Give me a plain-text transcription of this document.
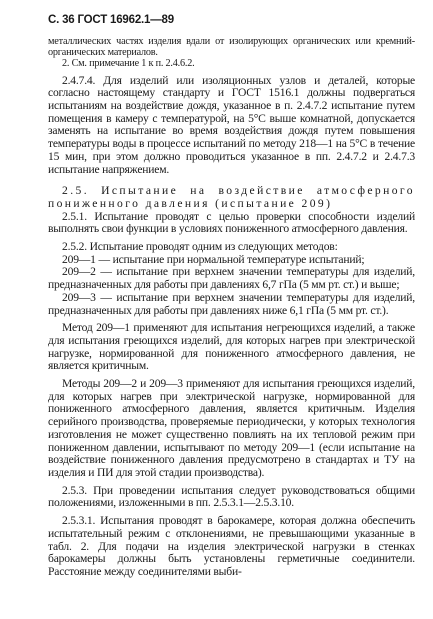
С. 36 ГОСТ 16962.1—89

металлических частях изделия вдали от изолирующих органических или кремний-органических материалов.

2. См. примечание 1 к п. 2.4.6.2.

2.4.7.4. Для изделий или изоляционных узлов и деталей, которые согласно настоящему стандарту и ГОСТ 1516.1 должны подвергаться испытаниям на воздействие дождя, указанное в п. 2.4.7.2 испытание путем помещения в камеру с температурой, на 5°С выше комнатной, допускается заменять на испытание во время воздействия дождя путем повышения температуры воды в процессе испытаний по методу 218—1 на 5°С в течение 15 мин, при этом должно проводиться указанное в пп. 2.4.7.2 и 2.4.7.3 испытание напряжением.

2.5. Испытание на воздействие атмосферного пониженного давления (испытание 209)

2.5.1. Испытание проводят с целью проверки способности изделий выполнять свои функции в условиях пониженного атмосферного давления.

2.5.2. Испытание проводят одним из следующих методов:

209—1 — испытание при нормальной температуре испытаний;

209—2 — испытание при верхнем значении температуры для изделий, предназначенных для работы при давлениях 6,7 гПа (5 мм рт. ст.) и выше;

209—3 — испытание при верхнем значении температуры для изделий, предназначенных для работы при давлениях ниже 6,1 гПа (5 мм рт. ст.).

Метод 209—1 применяют для испытания негреющихся изделий, а также для испытания греющихся изделий, для которых нагрев при электрической нагрузке, нормированной для пониженного атмосферного давления, не является критичным.

Методы 209—2 и 209—3 применяют для испытания греющихся изделий, для которых нагрев при электрической нагрузке, нормированной для пониженного атмосферного давления, является критичным. Изделия серийного производства, проверяемые периодически, у которых технология изготовления не может существенно повлиять на их тепловой режим при пониженном давлении, испытывают по методу 209—1 (если испытание на воздействие пониженного давления предусмотрено в стандартах и ТУ на изделия и ПИ для этой стадии производства).

2.5.3. При проведении испытания следует руководствоваться общими положениями, изложенными в пп. 2.5.3.1—2.5.3.10.

2.5.3.1. Испытания проводят в барокамере, которая должна обеспечить испытательный режим с отклонениями, не превышающими указанные в табл. 2. Для подачи на изделия электрической нагрузки в стенках барокамеры должны быть установлены герметичные соединители. Расстояние между соединителями выби-
